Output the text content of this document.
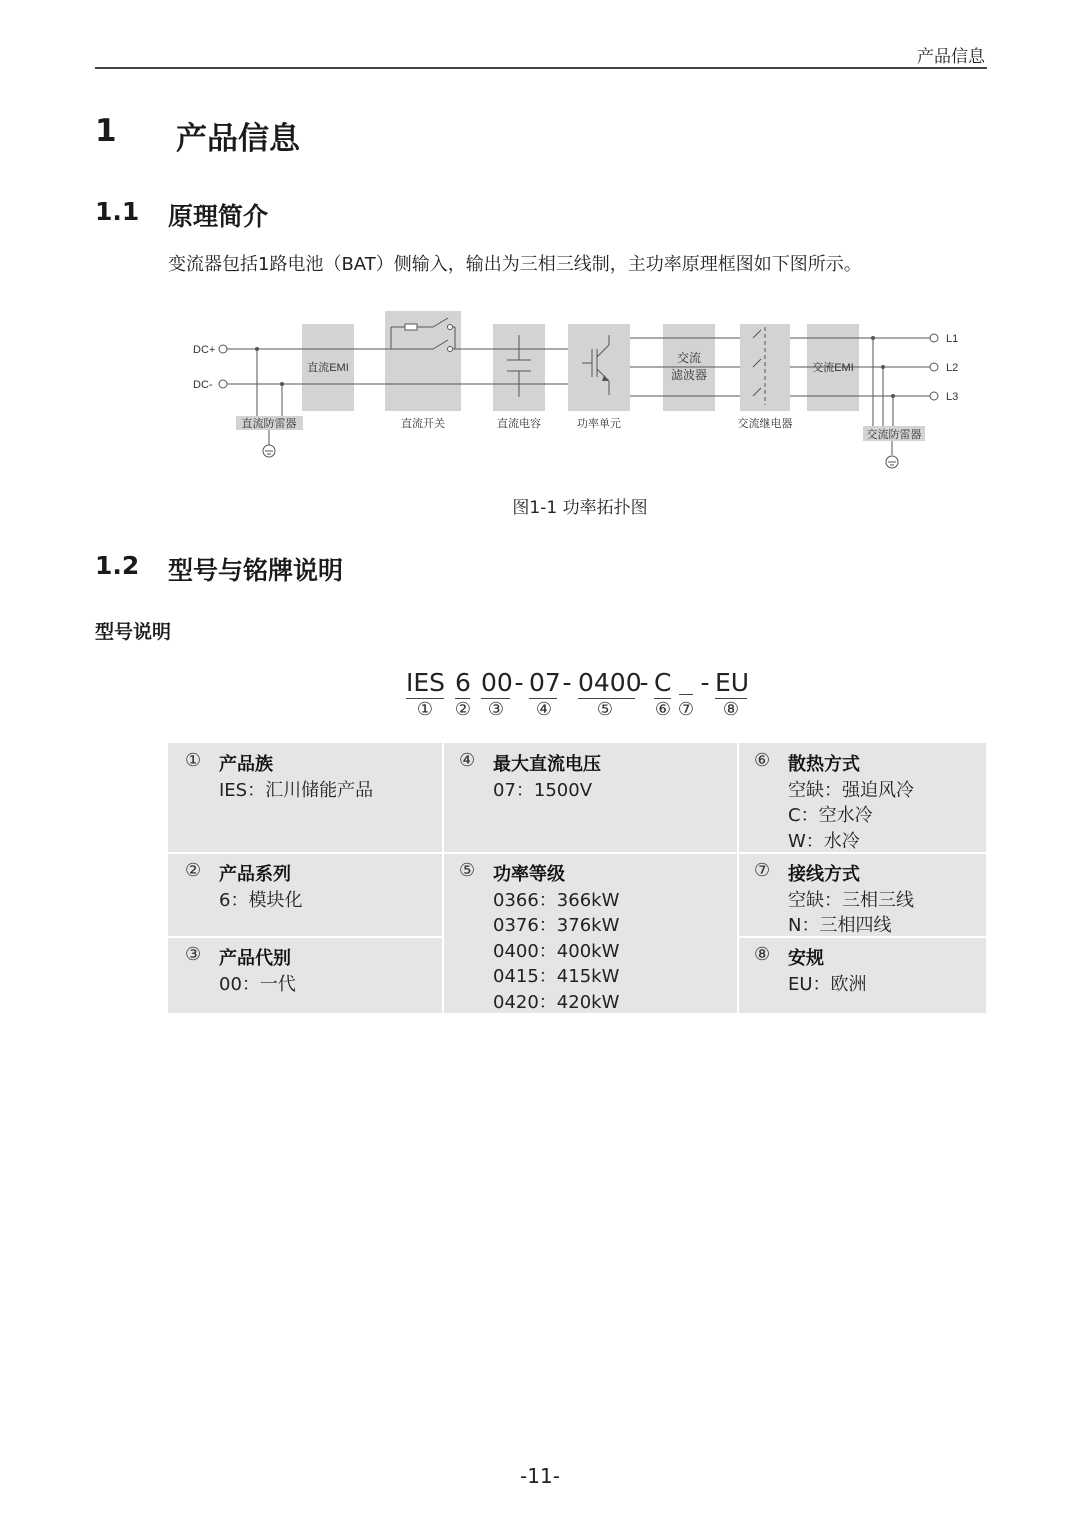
产品信息
1 产品信息
1.1 原理简介
变流器包括1路电池（BAT）侧输入，输出为三相三线制，主功率原理框图如下图所示。
DC+
DC-
直流EMI
直流防雷器	直流开关	直流电容	功率单元
交流
滤波器
交流继电器
交流EMI
交流防雷器
L1
L2
L3
图1-1 功率拓扑图
1.2 型号与铭牌说明
型号说明
IES 6 00 - 07 - 0400
- C - EU
① ② ③ ④ ⑤ ⑥ ⑦ ⑧
① 产品族
IES：汇川储能产品
② 产品系列
6：模块化
③ 产品代别
00：一代
④ 最大直流电压
07：1500V
⑤ 功率等级
0366：366kW
0376：376kW
0400：400kW
0415：415kW
0420：420kW
⑥ 散热方式
空缺：强迫风冷
C：空水冷
W：水冷
⑦ 接线方式
空缺：三相三线
N：三相四线
⑧ 安规
EU：欧洲
-11-
